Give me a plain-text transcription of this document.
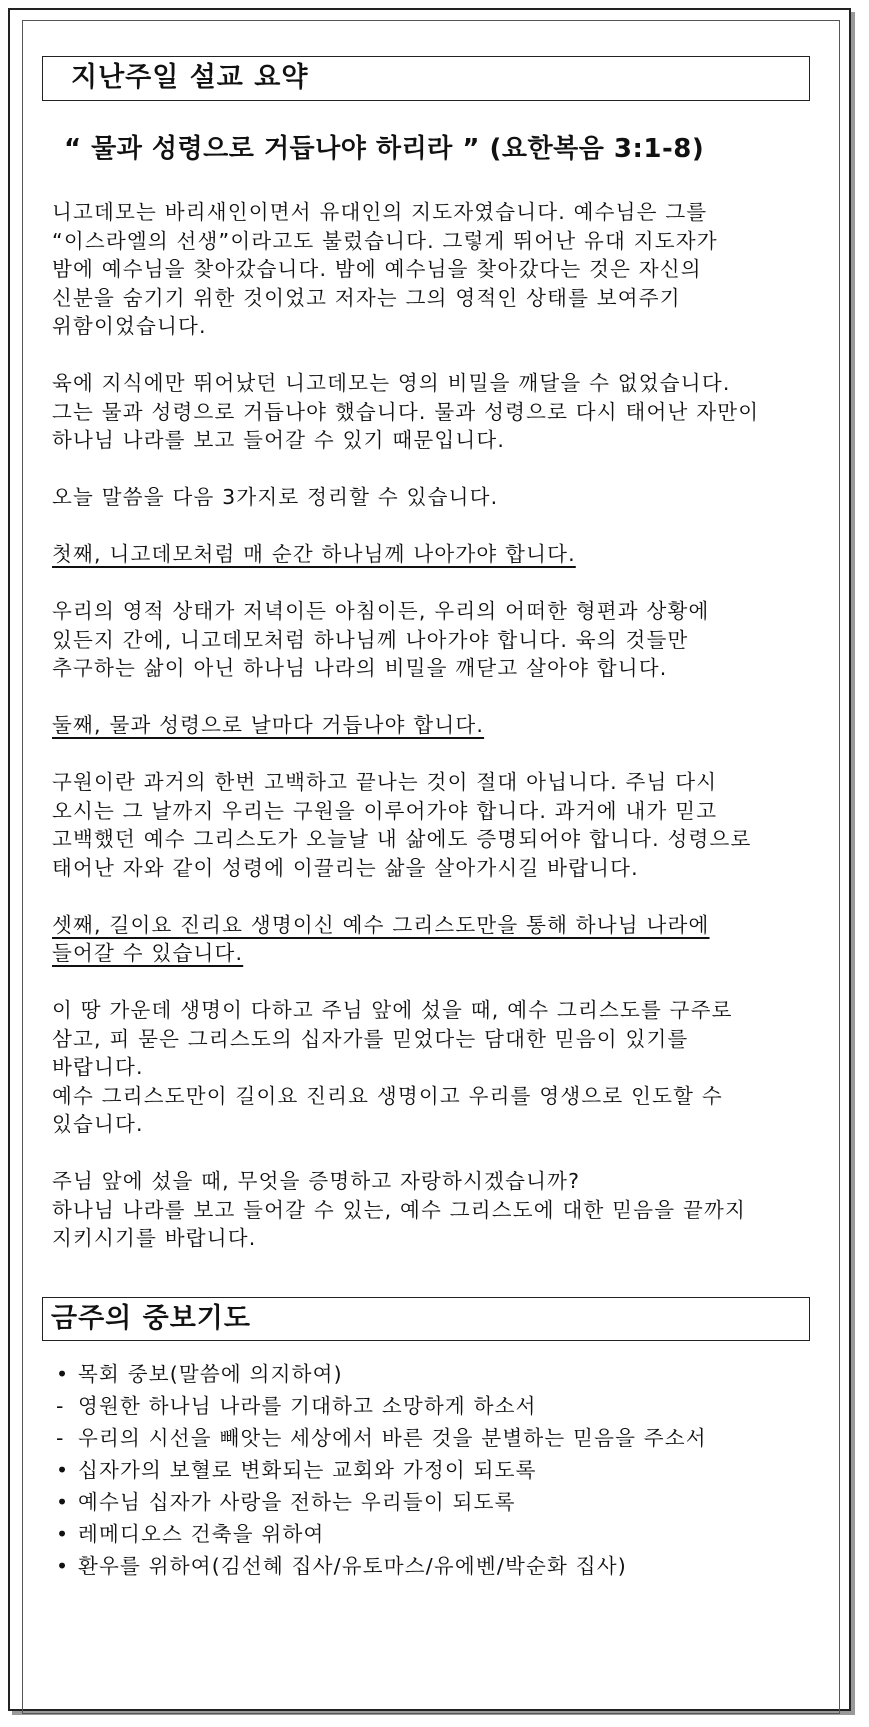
지난주일 설교 요약
“ 물과 성령으로 거듭나야 하리라 ” (요한복음 3:1-8)

니고데모는 바리새인이면서 유대인의 지도자였습니다. 예수님은 그를

“이스라엘의 선생”이라고도 불렀습니다. 그렇게 뛰어난 유대 지도자가

밤에 예수님을 찾아갔습니다. 밤에 예수님을 찾아갔다는 것은 자신의

신분을 숨기기 위한 것이었고 저자는 그의 영적인 상태를 보여주기

위함이었습니다.

육에 지식에만 뛰어났던 니고데모는 영의 비밀을 깨달을 수 없었습니다.

그는 물과 성령으로 거듭나야 했습니다. 물과 성령으로 다시 태어난 자만이

하나님 나라를 보고 들어갈 수 있기 때문입니다.

오늘 말씀을 다음 3가지로 정리할 수 있습니다.

첫째, 니고데모처럼 매 순간 하나님께 나아가야 합니다.

우리의 영적 상태가 저녁이든 아침이든, 우리의 어떠한 형편과 상황에

있든지 간에, 니고데모처럼 하나님께 나아가야 합니다. 육의 것들만

추구하는 삶이 아닌 하나님 나라의 비밀을 깨닫고 살아야 합니다.

둘째, 물과 성령으로 날마다 거듭나야 합니다.

구원이란 과거의 한번 고백하고 끝나는 것이 절대 아닙니다. 주님 다시

오시는 그 날까지 우리는 구원을 이루어가야 합니다. 과거에 내가 믿고

고백했던 예수 그리스도가 오늘날 내 삶에도 증명되어야 합니다. 성령으로

태어난 자와 같이 성령에 이끌리는 삶을 살아가시길 바랍니다.

셋째, 길이요 진리요 생명이신 예수 그리스도만을 통해 하나님 나라에

들어갈 수 있습니다.

이 땅 가운데 생명이 다하고 주님 앞에 섰을 때, 예수 그리스도를 구주로

삼고, 피 묻은 그리스도의 십자가를 믿었다는 담대한 믿음이 있기를

바랍니다.

예수 그리스도만이 길이요 진리요 생명이고 우리를 영생으로 인도할 수

있습니다.

주님 앞에 섰을 때, 무엇을 증명하고 자랑하시겠습니까?

하나님 나라를 보고 들어갈 수 있는, 예수 그리스도에 대한 믿음을 끝까지

지키시기를 바랍니다.

금주의 중보기도
• 목회 중보(말씀에 의지하여)
- 영원한 하나님 나라를 기대하고 소망하게 하소서
- 우리의 시선을 빼앗는 세상에서 바른 것을 분별하는 믿음을 주소서
• 십자가의 보혈로 변화되는 교회와 가정이 되도록
• 예수님 십자가 사랑을 전하는 우리들이 되도록
• 레메디오스 건축을 위하여
• 환우를 위하여(김선혜 집사/유토마스/유에벤/박순화 집사)
